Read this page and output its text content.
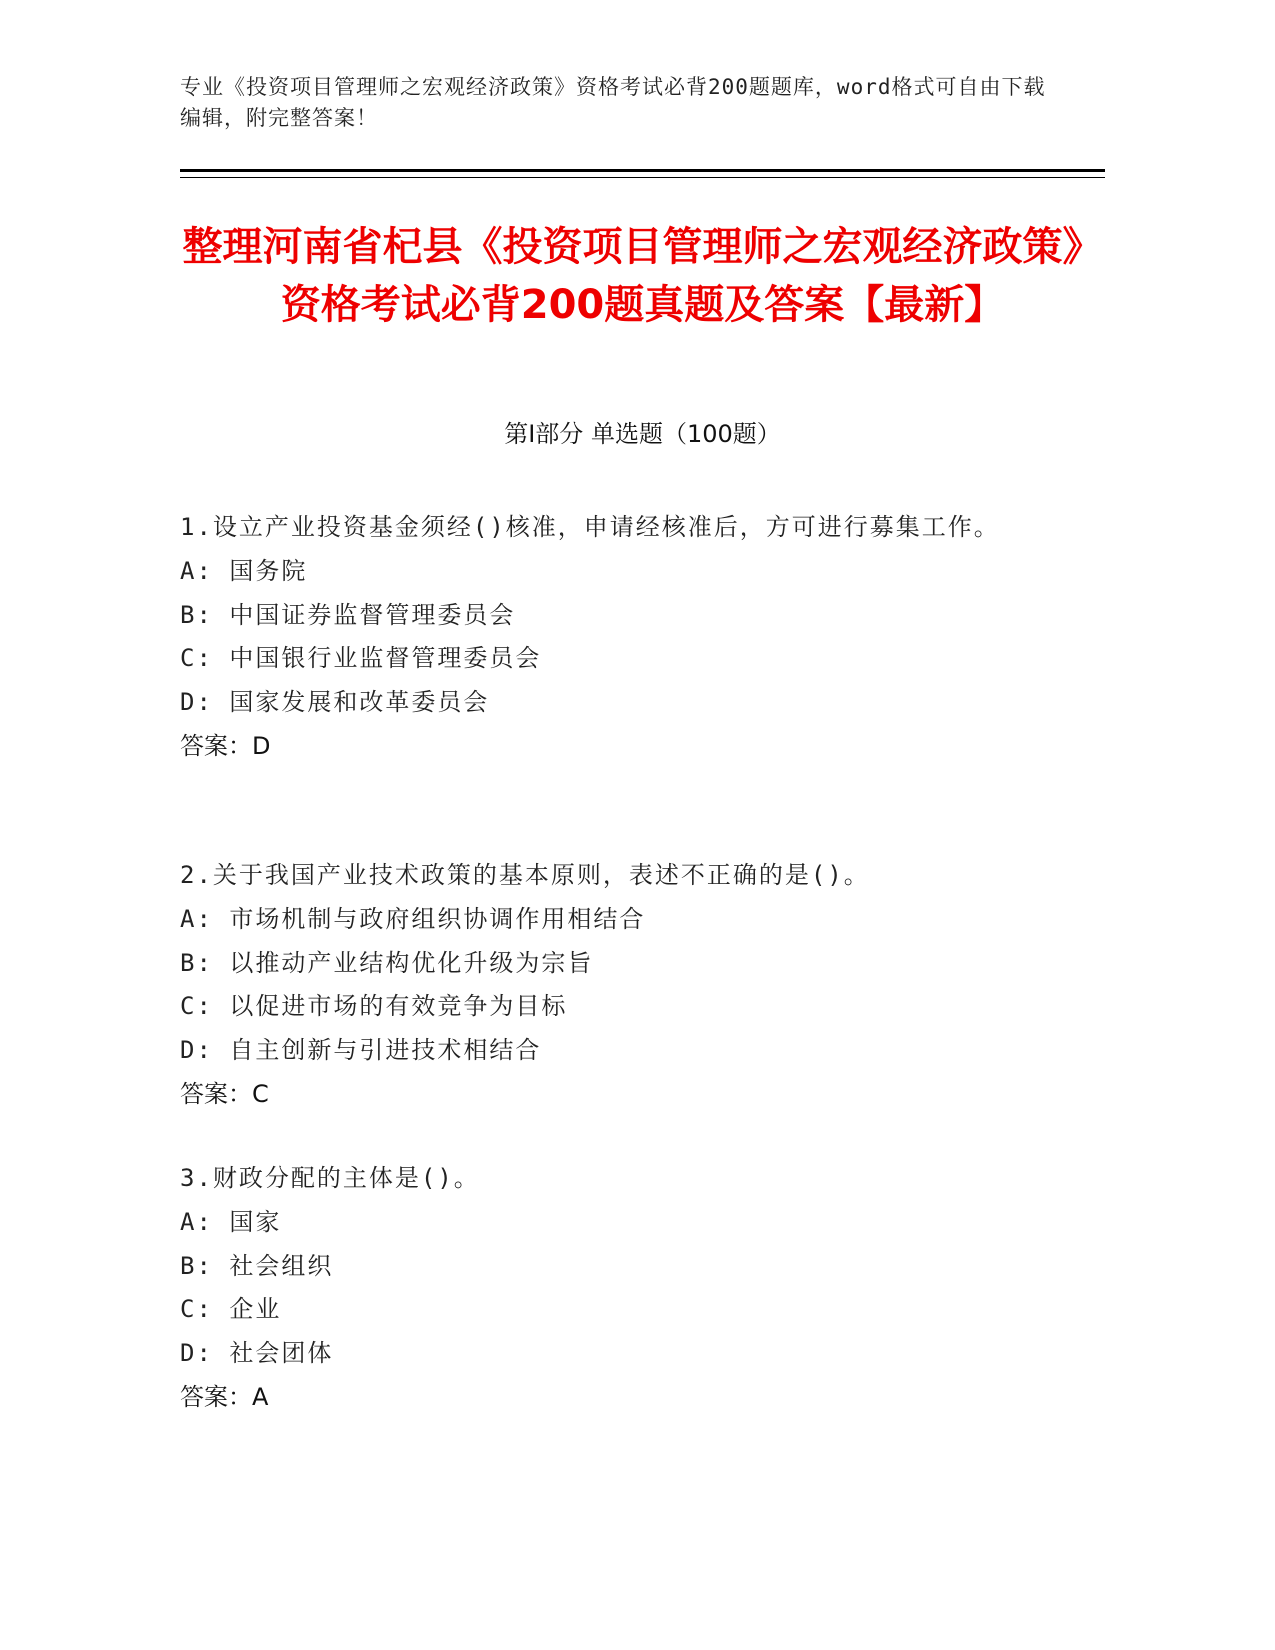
专业《投资项目管理师之宏观经济政策》资格考试必背200题题库，word格式可自由下载编辑，附完整答案！
整理河南省杞县《投资项目管理师之宏观经济政策》资格考试必背200题真题及答案【最新】
第I部分 单选题（100题）
1.设立产业投资基金须经()核准，申请经核准后，方可进行募集工作。
A: 国务院
B: 中国证券监督管理委员会
C: 中国银行业监督管理委员会
D: 国家发展和改革委员会
答案：D
2.关于我国产业技术政策的基本原则，表述不正确的是()。
A: 市场机制与政府组织协调作用相结合
B: 以推动产业结构优化升级为宗旨
C: 以促进市场的有效竞争为目标
D: 自主创新与引进技术相结合
答案：C
3.财政分配的主体是()。
A: 国家
B: 社会组织
C: 企业
D: 社会团体
答案：A
